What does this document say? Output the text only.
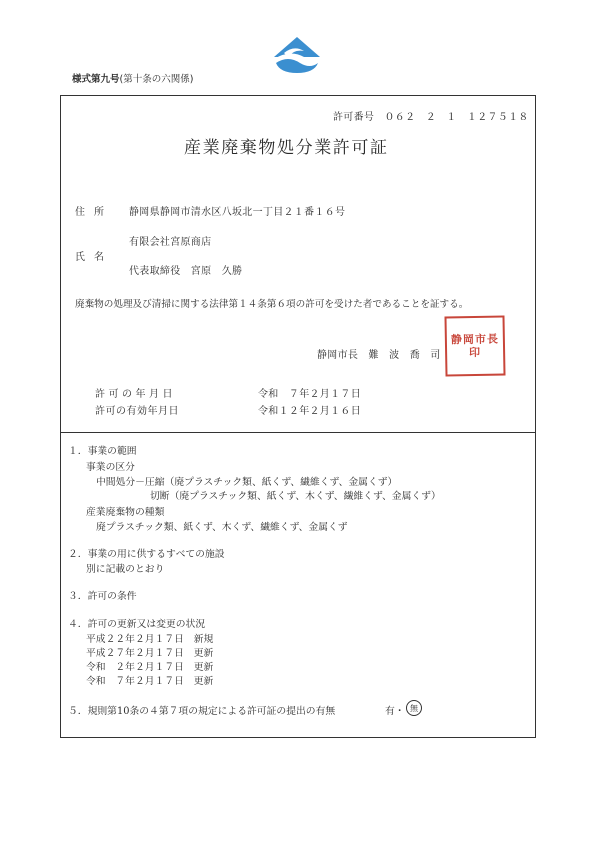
様式第九号(第十条の六関係)
許可番号　０６２　２　１　１２７５１８
産業廃棄物処分業許可証
住所 静岡県静岡市清水区八坂北一丁目２１番１６号
有限会社宮原商店
氏名
代表取締役　宮原　久勝
廃棄物の処理及び清掃に関する法律第１４条第６項の許可を受けた者であることを証する。
静岡市長　難　波　喬　司
静岡市長印
許可の年月日	令和　７年２月１７日
許可の有効年月日	令和１２年２月１６日
１．事業の範囲
事業の区分
中間処分－圧縮（廃プラスチック類、紙くず、繊維くず、金属くず）
切断（廃プラスチック類、紙くず、木くず、繊維くず、金属くず）
産業廃棄物の種類
廃プラスチック類、紙くず、木くず、繊維くず、金属くず
２．事業の用に供するすべての施設
別に記載のとおり
３．許可の条件
４．許可の更新又は変更の状況
平成２２年２月１７日　新規
平成２７年２月１７日　更新
令和　２年２月１７日　更新
令和　７年２月１７日　更新
５．規則第10条の４第７項の規定による許可証の提出の有無	有・ 無
